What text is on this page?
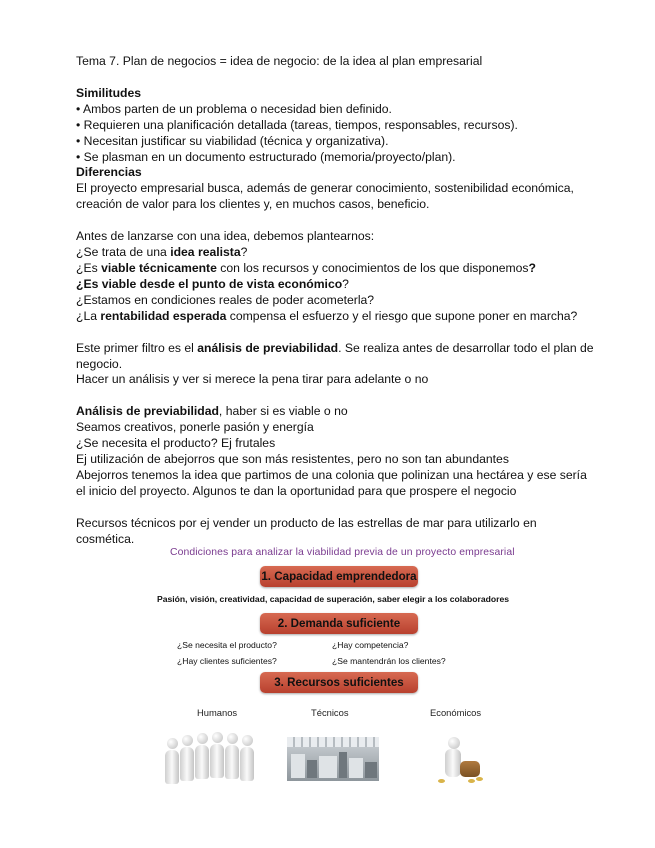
Tema 7. Plan de negocios = idea de negocio: de la idea al plan empresarial
Similitudes
• Ambos parten de un problema o necesidad bien definido.
• Requieren una planificación detallada (tareas, tiempos, responsables, recursos).
• Necesitan justificar su viabilidad (técnica y organizativa).
• Se plasman en un documento estructurado (memoria/proyecto/plan).
Diferencias
El proyecto empresarial busca, además de generar conocimiento, sostenibilidad económica,
creación de valor para los clientes y, en muchos casos, beneficio.
Antes de lanzarse con una idea, debemos plantearnos:
¿Se trata de una idea realista?
¿Es viable técnicamente con los recursos y conocimientos de los que disponemos?
¿Es viable desde el punto de vista económico?
¿Estamos en condiciones reales de poder acometerla?
¿La rentabilidad esperada compensa el esfuerzo y el riesgo que supone poner en marcha?
Este primer filtro es el análisis de previabilidad. Se realiza antes de desarrollar todo el plan de
negocio.
Hacer un análisis y ver si merece la pena tirar para adelante o no
Análisis de previabilidad, haber si es viable o no
Seamos creativos, ponerle pasión y energía
¿Se necesita el producto? Ej frutales
Ej utilización de abejorros que son más resistentes, pero no son tan abundantes
Abejorros tenemos la idea que partimos de una colonia que polinizan una hectárea y ese sería
el inicio del proyecto. Algunos te dan la oportunidad para que prospere el negocio
Recursos técnicos por ej vender un producto de las estrellas de mar para utilizarlo en
cosmética.
Condiciones para analizar la viabilidad previa de un proyecto empresarial
1. Capacidad emprendedora
Pasión, visión, creatividad, capacidad de superación, saber elegir a los colaboradores
2. Demanda suficiente
¿Se necesita el producto?	¿Hay competencia?
¿Hay clientes suficientes?	¿Se mantendrán los clientes?
3. Recursos suficientes
Humanos	Técnicos	Económicos
